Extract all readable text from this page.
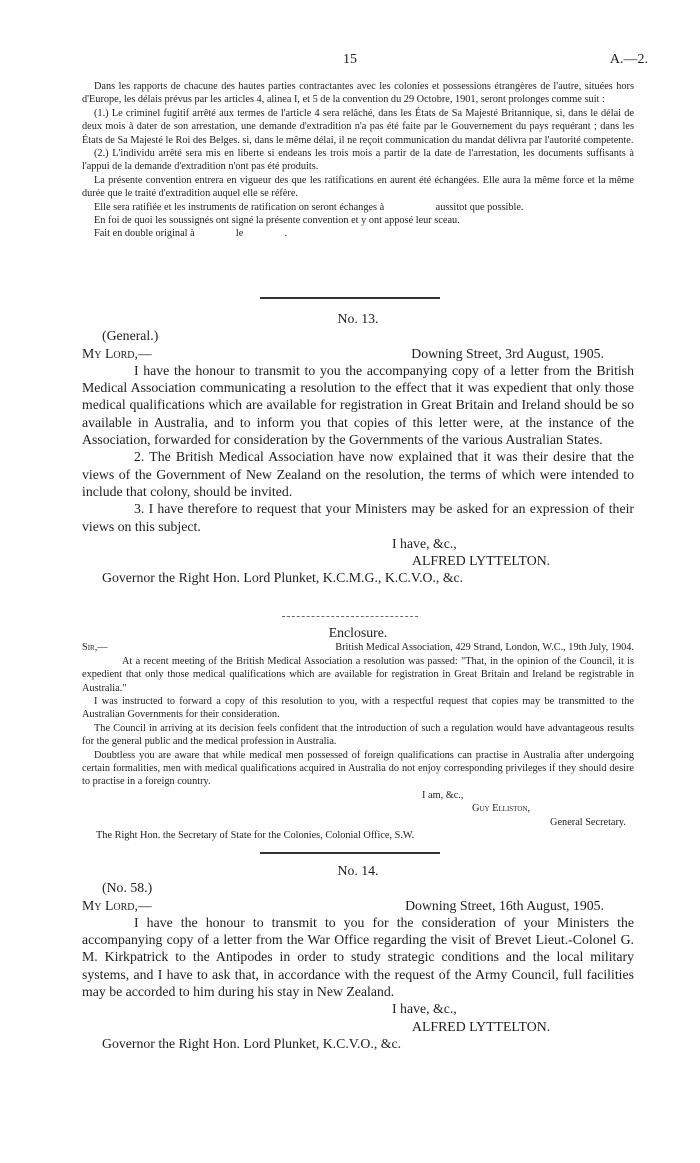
15	A.—2.

Dans les rapports de chacune des hautes parties contractantes avec les colonies et possessions étrangères de l'autre, situées hors d'Europe, les délais prévus par les articles 4, alinea I, et 5 de la convention du 29 Octobre, 1901, seront prolonges comme suit :

(1.) Le criminel fugitif arrêté aux termes de l'article 4 sera relâché, dans les États de Sa Majesté Britannique, si, dans le délai de deux mois à dater de son arrestation, une demande d'extradition n'a pas été faite par le Gouvernement du pays requérant ; dans les États de Sa Majesté le Roi des Belges. si, dans le même délai, il ne reçoit communication du mandat délivra par l'autorité competente.

(2.) L'individu arrêté sera mis en liberte si endeans les trois mois a partir de la date de l'arrestation, les documents suffisants à l'appui de la demande d'extradition n'ont pas été produits.

La présente convention entrera en vigueur des que les ratifications en aurent été échangées. Elle aura la même force et la même durée que le traité d'extradition auquel elle se réfère.

Elle sera ratifiée et les instruments de ratification on seront échanges à                    aussitot que possible.

En foi de quoi les soussignés ont signé la présente convention et y ont apposé leur sceau.

Fait en double original à                le                .

No. 13.
(General.)
My Lord,—	Downing Street, 3rd August, 1905.

I have the honour to transmit to you the accompanying copy of a letter from the British Medical Association communicating a resolution to the effect that it was expedient that only those medical qualifications which are available for registration in Great Britain and Ireland should be so available in Australia, and to inform you that copies of this letter were, at the instance of the Association, forwarded for consideration by the Governments of the various Australian States.

2. The British Medical Association have now explained that it was their desire that the views of the Government of New Zealand on the resolution, the terms of which were intended to include that colony, should be invited.

3. I have therefore to request that your Ministers may be asked for an expression of their views on this subject.

I have, &c.,
ALFRED LYTTELTON.
Governor the Right Hon. Lord Plunket, K.C.M.G., K.C.V.O., &c.
Enclosure.
Sir,—	British Medical Association, 429 Strand, London, W.C., 19th July, 1904.

At a recent meeting of the British Medical Association a resolution was passed: "That, in the opinion of the Council, it is expedient that only those medical qualifications which are available for registration in Great Britain and Ireland be registrable in Australia."

I was instructed to forward a copy of this resolution to you, with a respectful request that copies may be transmitted to the Australian Governments for their consideration.

The Council in arriving at its decision feels confident that the introduction of such a regulation would have advantageous results for the general public and the medical profession in Australia.

Doubtless you are aware that while medical men possessed of foreign qualifications can practise in Australia after undergoing certain formalities, men with medical qualifications acquired in Australia do not enjoy corresponding privileges if they should desire to practise in a foreign country.

I am, &c.,
Guy Elliston,
General Secretary.
The Right Hon. the Secretary of State for the Colonies, Colonial Office, S.W.
No. 14.
(No. 58.)
My Lord,—	Downing Street, 16th August, 1905.

I have the honour to transmit to you for the consideration of your Ministers the accompanying copy of a letter from the War Office regarding the visit of Brevet Lieut.-Colonel G. M. Kirkpatrick to the Antipodes in order to study strategic conditions and the local military systems, and I have to ask that, in accordance with the request of the Army Council, full facilities may be accorded to him during his stay in New Zealand.

I have, &c.,
ALFRED LYTTELTON.
Governor the Right Hon. Lord Plunket, K.C.V.O., &c.
